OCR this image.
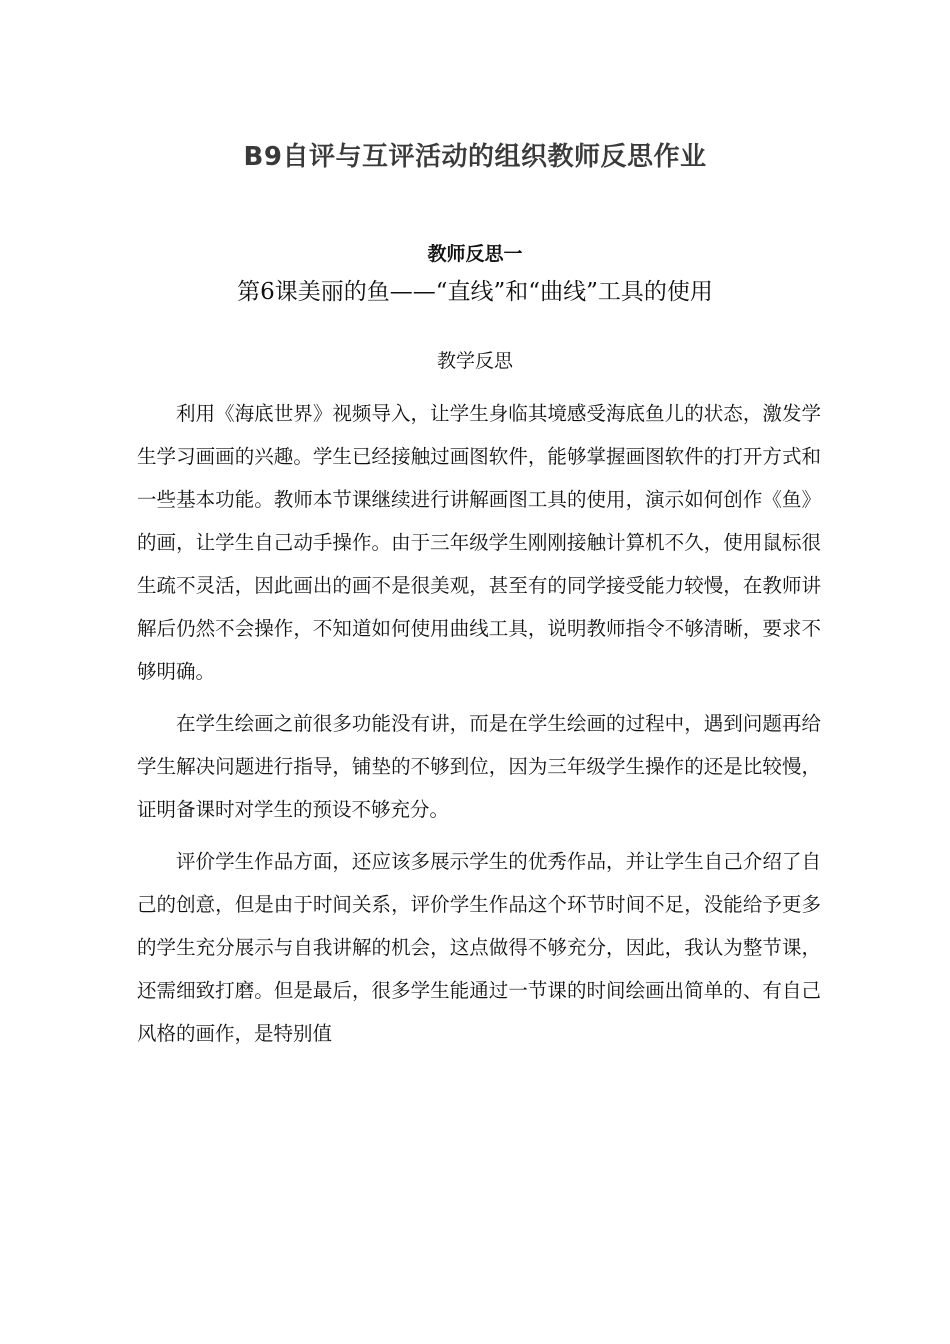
B9自评与互评活动的组织教师反思作业
教师反思一
第6课美丽的鱼——“直线”和“曲线”工具的使用
教学反思

利用《海底世界》视频导入，让学生身临其境感受海底鱼儿的状态，激发学生学习画画的兴趣。学生已经接触过画图软件，能够掌握画图软件的打开方式和一些基本功能。教师本节课继续进行讲解画图工具的使用，演示如何创作《鱼》的画，让学生自己动手操作。由于三年级学生刚刚接触计算机不久，使用鼠标很生疏不灵活，因此画出的画不是很美观，甚至有的同学接受能力较慢，在教师讲解后仍然不会操作，不知道如何使用曲线工具，说明教师指令不够清晰，要求不够明确。

在学生绘画之前很多功能没有讲，而是在学生绘画的过程中，遇到问题再给学生解决问题进行指导，铺垫的不够到位，因为三年级学生操作的还是比较慢，证明备课时对学生的预设不够充分。

评价学生作品方面，还应该多展示学生的优秀作品，并让学生自己介绍了自己的创意，但是由于时间关系，评价学生作品这个环节时间不足，没能给予更多的学生充分展示与自我讲解的机会，这点做得不够充分，因此，我认为整节课，还需细致打磨。但是最后，很多学生能通过一节课的时间绘画出简单的、有自己风格的画作，是特别值
